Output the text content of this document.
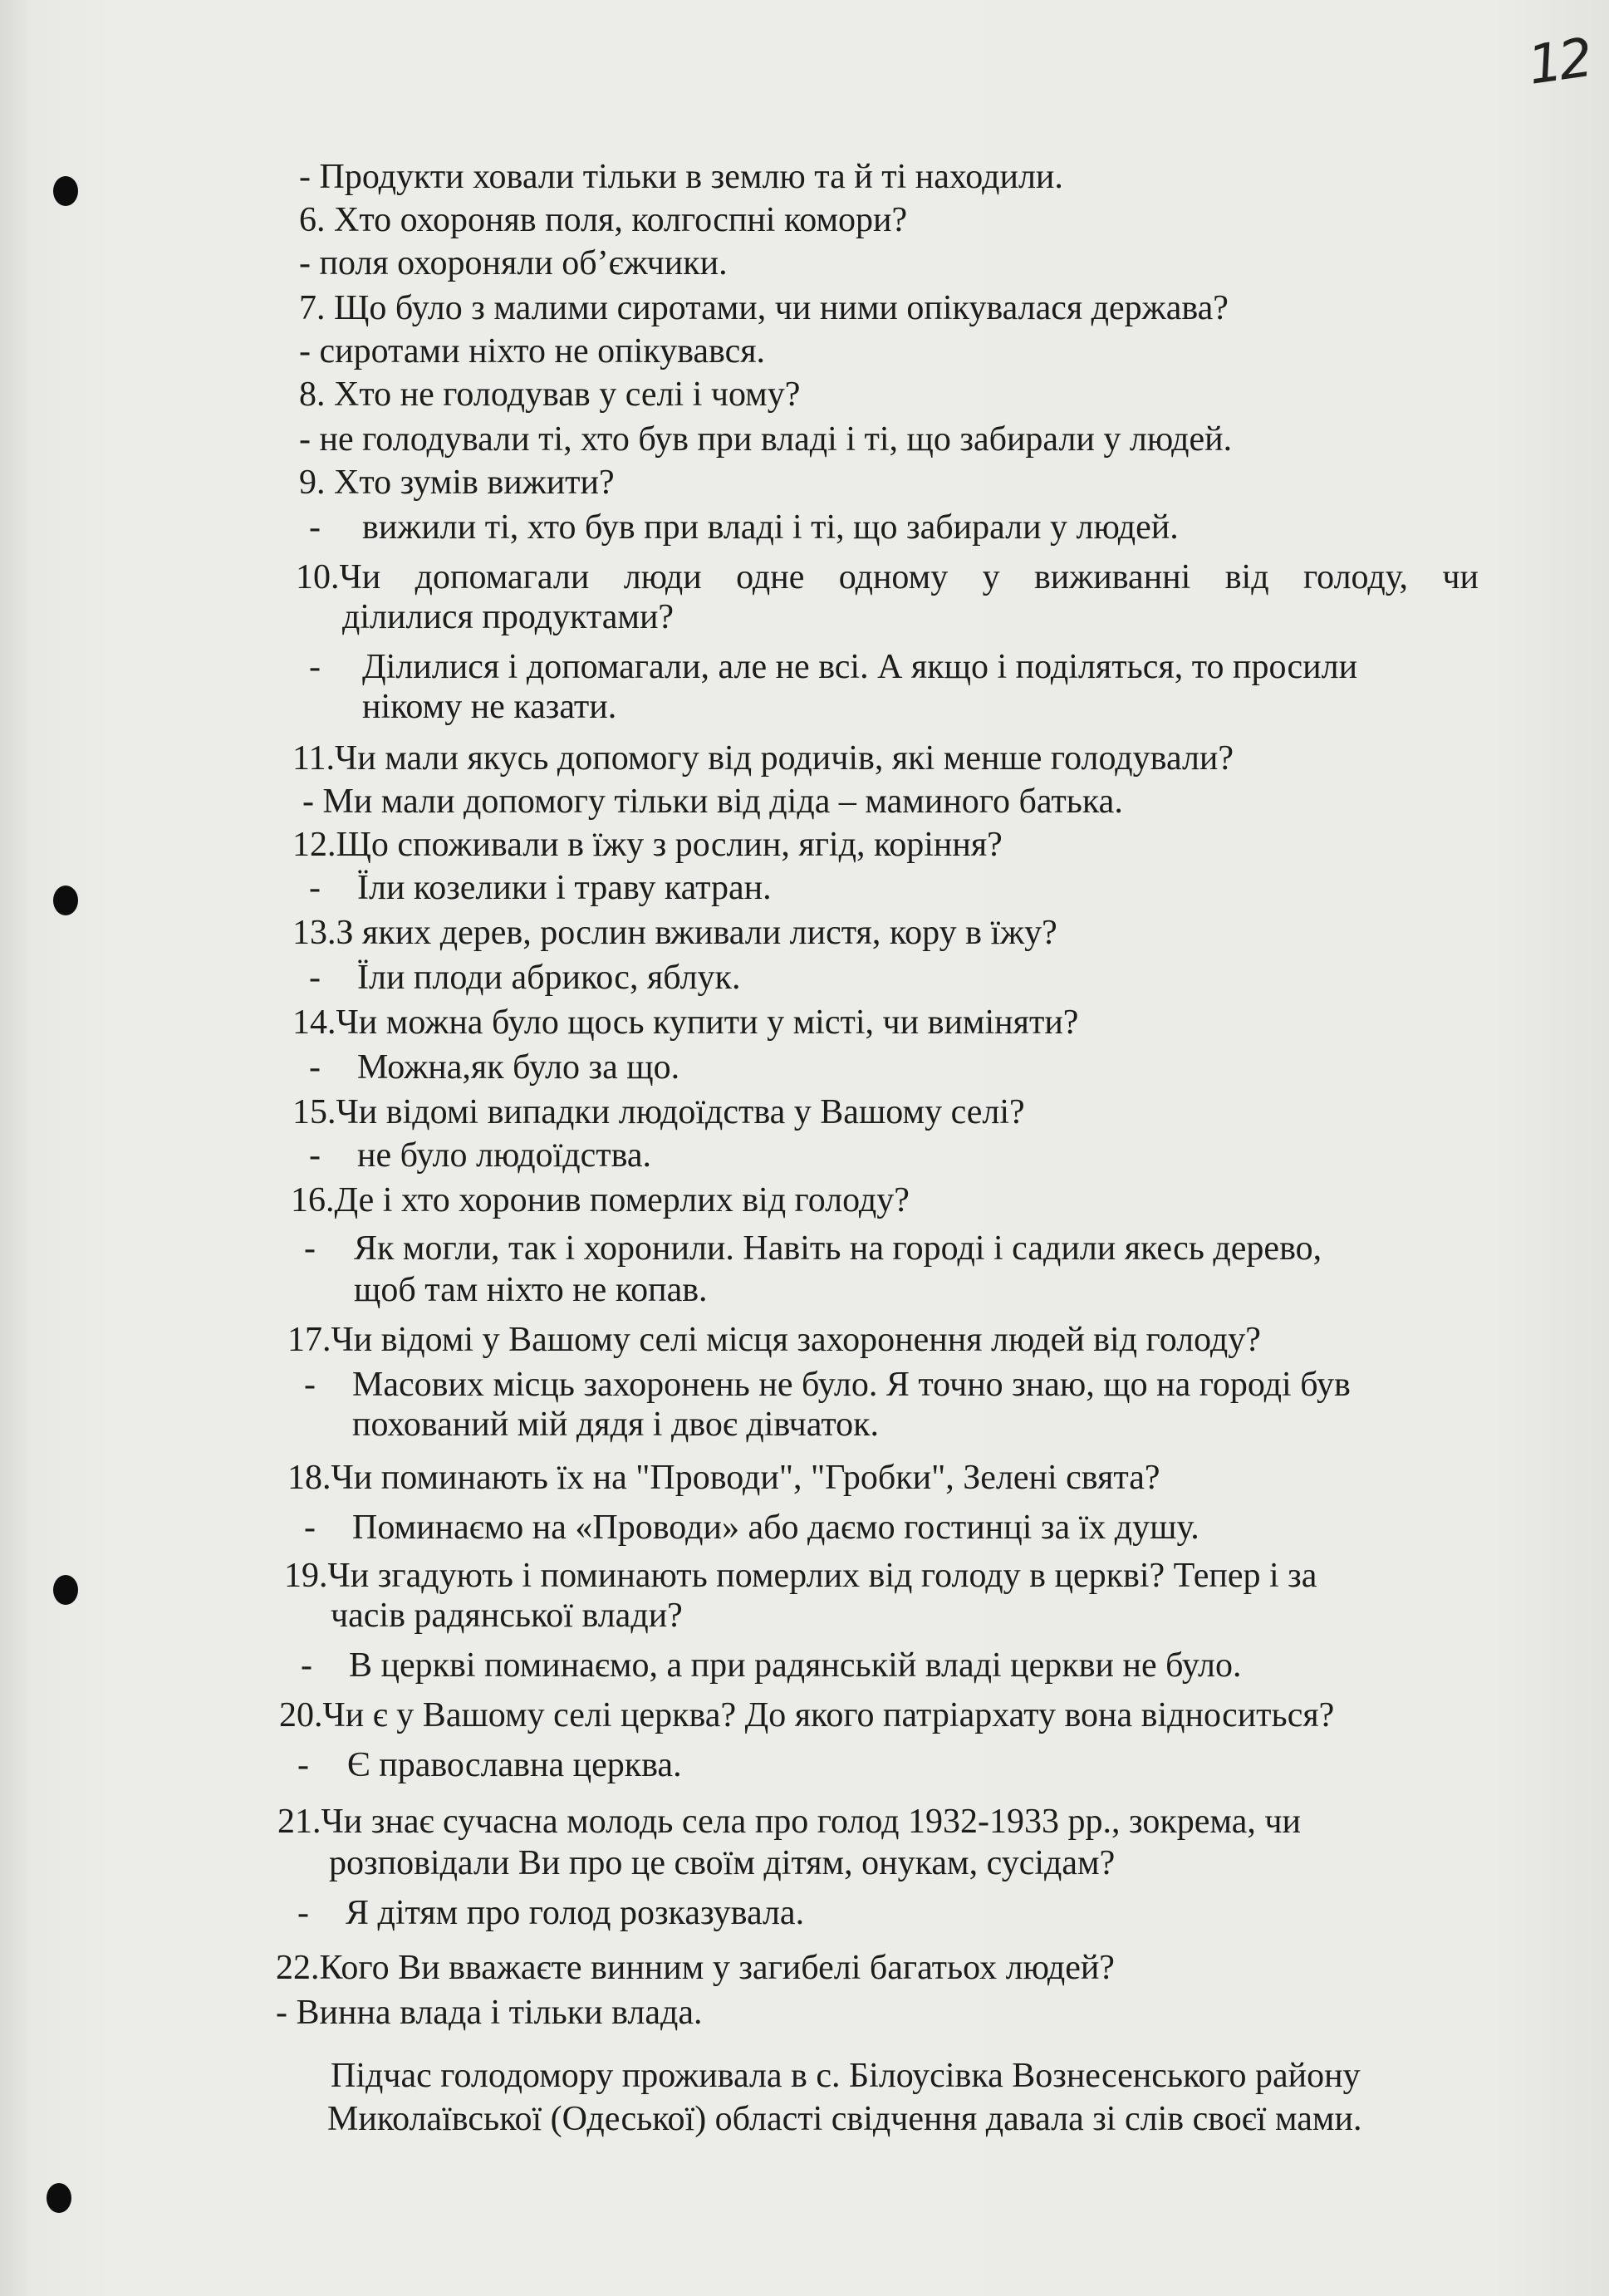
12
- Продукти ховали тільки в землю та й ті находили.
6. Хто охороняв поля, колгоспні комори?
- поля охороняли об’єжчики.
7. Що було з малими сиротами, чи ними опікувалася держава?
- сиротами ніхто не опікувався.
8. Хто не голодував у селі і чому?
- не голодували ті, хто був при владі і ті, що забирали у людей.
9. Хто зумів вижити?
- вижили ті, хто був при владі і ті, що забирали у людей.
10.Чи допомагали люди одне одному у виживанні від голоду, чи
ділилися продуктами?
- Ділилися і допомагали, але не всі. А якщо і поділяться, то просили
нікому не казати.
11.Чи мали якусь допомогу від родичів, які менше голодували?
- Ми мали допомогу тільки від діда – маминого батька.
12.Що споживали в їжу з рослин, ягід, коріння?
- Їли козелики і траву катран.
13.З яких дерев, рослин вживали листя, кору в їжу?
- Їли плоди абрикос, яблук.
14.Чи можна було щось купити у місті, чи виміняти?
- Можна,як було за що.
15.Чи відомі випадки людоїдства у Вашому селі?
- не було людоїдства.
16.Де і хто хоронив померлих від голоду?
- Як могли, так і хоронили. Навіть на городі і садили якесь дерево,
щоб там ніхто не копав.
17.Чи відомі у Вашому селі місця захоронення людей від голоду?
- Масових місць захоронень не було. Я точно знаю, що на городі був
похований мій дядя і двоє дівчаток.
18.Чи поминають їх на "Проводи", "Гробки", Зелені свята?
- Поминаємо на «Проводи» або даємо гостинці за їх душу.
19.Чи згадують і поминають померлих від голоду в церкві? Тепер і за
часів радянської влади?
- В церкві поминаємо, а при радянській владі церкви не було.
20.Чи є у Вашому селі церква? До якого патріархату вона відноситься?
- Є православна церква.
21.Чи знає сучасна молодь села про голод 1932-1933 рр., зокрема, чи
розповідали Ви про це своїм дітям, онукам, сусідам?
- Я дітям про голод розказувала.
22.Кого Ви вважаєте винним у загибелі багатьох людей?
- Винна влада і тільки влада.
Підчас голодомору проживала в с. Білоусівка Вознесенського району
Миколаївської (Одеської) області свідчення давала зі слів своєї мами.
